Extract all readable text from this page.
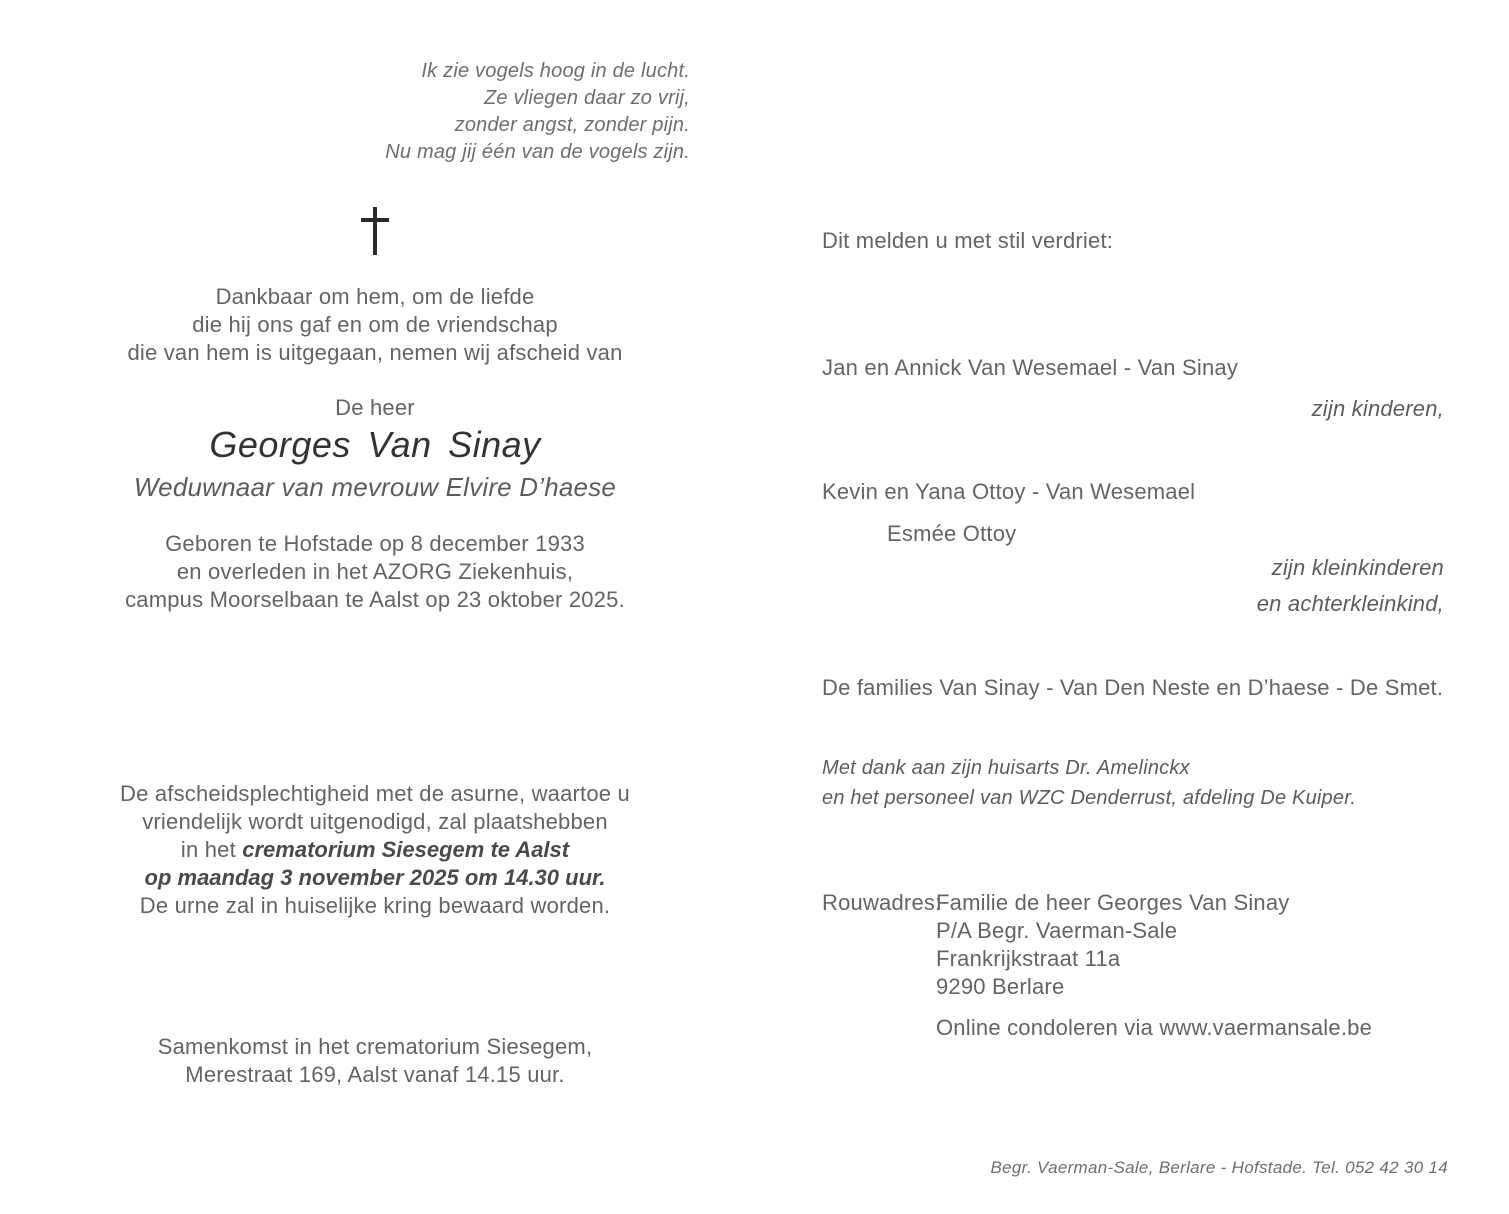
Ik zie vogels hoog in de lucht.
Ze vliegen daar zo vrij,
zonder angst, zonder pijn.
Nu mag jij één van de vogels zijn.
Dankbaar om hem, om de liefde
die hij ons gaf en om de vriendschap
die van hem is uitgegaan, nemen wij afscheid van
De heer
Georges Van Sinay
Weduwnaar van mevrouw Elvire D’haese
Geboren te Hofstade op 8 december 1933
en overleden in het AZORG Ziekenhuis,
campus Moorselbaan te Aalst op 23 oktober 2025.
De afscheidsplechtigheid met de asurne, waartoe u
vriendelijk wordt uitgenodigd, zal plaatshebben
in het crematorium Siesegem te Aalst
op maandag 3 november 2025 om 14.30 uur.
De urne zal in huiselijke kring bewaard worden.
Samenkomst in het crematorium Siesegem,
Merestraat 169, Aalst vanaf 14.15 uur.
Dit melden u met stil verdriet:
Jan en Annick Van Wesemael - Van Sinay
zijn kinderen,
Kevin en Yana Ottoy - Van Wesemael
Esmée Ottoy
zijn kleinkinderen
en achterkleinkind,
De families Van Sinay - Van Den Neste en D’haese - De Smet.
Met dank aan zijn huisarts Dr. Amelinckx
en het personeel van WZC Denderrust, afdeling De Kuiper.
Rouwadres:
Familie de heer Georges Van Sinay
P/A Begr. Vaerman-Sale
Frankrijkstraat 11a
9290 Berlare
Online condoleren via www.vaermansale.be
Begr. Vaerman-Sale, Berlare - Hofstade. Tel. 052 42 30 14
